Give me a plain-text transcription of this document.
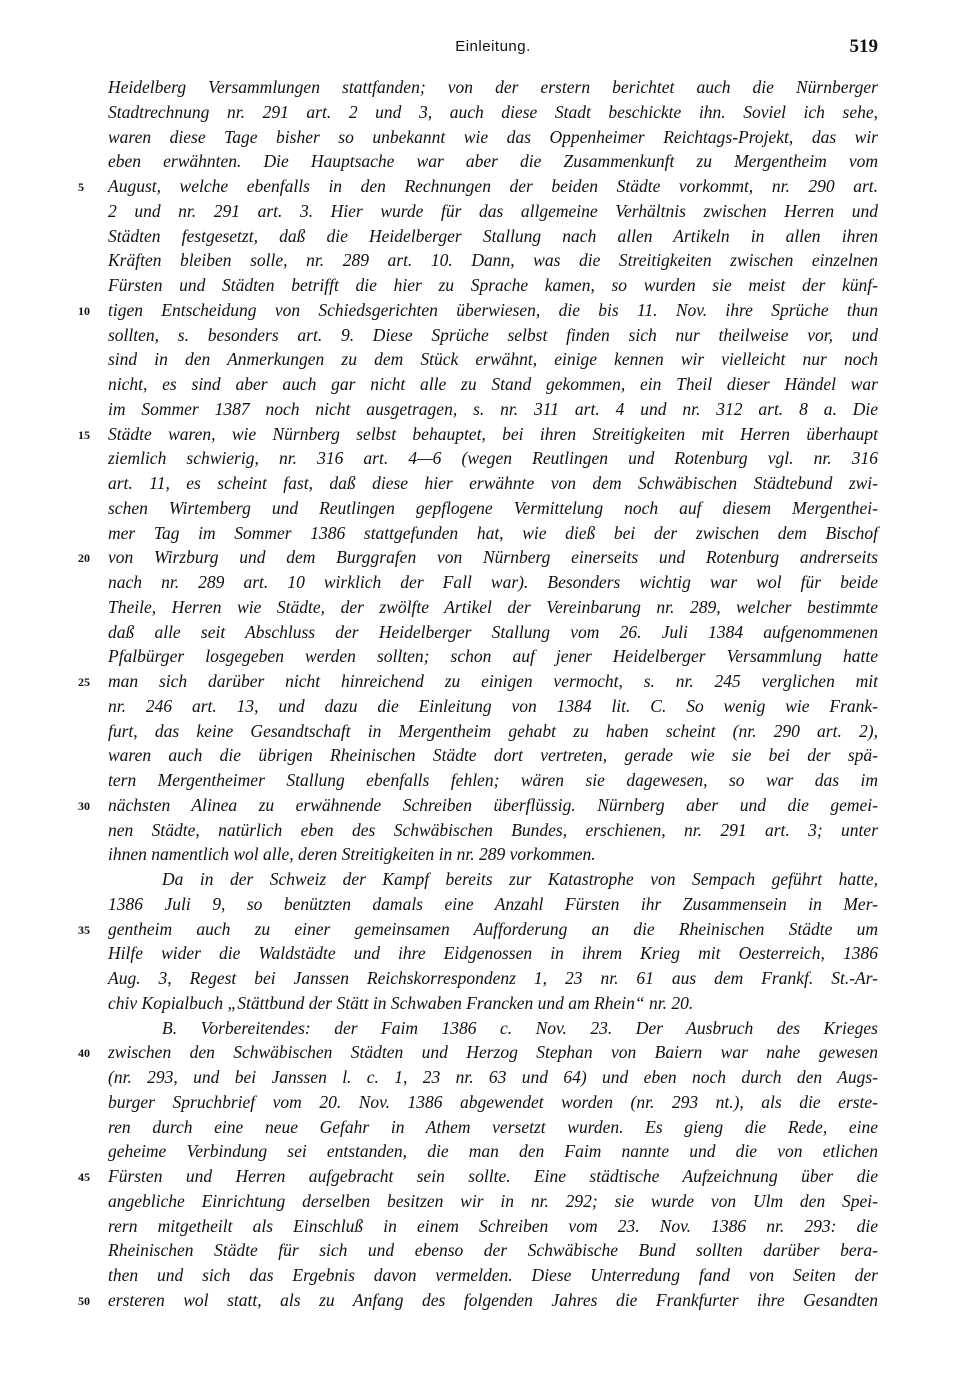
Einleitung.	519
Heidelberg Versammlungen stattfanden; von der erstern berichtet auch die Nürnberger
Stadtrechnung nr. 291 art. 2 und 3, auch diese Stadt beschickte ihn. Soviel ich sehe,
waren diese Tage bisher so unbekannt wie das Oppenheimer Reichtags-Projekt, das wir
eben erwähnten. Die Hauptsache war aber die Zusammenkunft zu Mergentheim vom
5	August, welche ebenfalls in den Rechnungen der beiden Städte vorkommt, nr. 290 art.
2 und nr. 291 art. 3. Hier wurde für das allgemeine Verhältnis zwischen Herren und
Städten festgesetzt, daß die Heidelberger Stallung nach allen Artikeln in allen ihren
Kräften bleiben solle, nr. 289 art. 10. Dann, was die Streitigkeiten zwischen einzelnen
Fürsten und Städten betrifft die hier zu Sprache kamen, so wurden sie meist der künf-
10	tigen Entscheidung von Schiedsgerichten überwiesen, die bis 11. Nov. ihre Sprüche thun
sollten, s. besonders art. 9. Diese Sprüche selbst finden sich nur theilweise vor, und
sind in den Anmerkungen zu dem Stück erwähnt, einige kennen wir vielleicht nur noch
nicht, es sind aber auch gar nicht alle zu Stand gekommen, ein Theil dieser Händel war
im Sommer 1387 noch nicht ausgetragen, s. nr. 311 art. 4 und nr. 312 art. 8 a. Die
15	Städte waren, wie Nürnberg selbst behauptet, bei ihren Streitigkeiten mit Herren überhaupt
ziemlich schwierig, nr. 316 art. 4—6 (wegen Reutlingen und Rotenburg vgl. nr. 316
art. 11, es scheint fast, daß diese hier erwähnte von dem Schwäbischen Städtebund zwi-
schen Wirtemberg und Reutlingen gepflogene Vermittelung noch auf diesem Mergenthei-
mer Tag im Sommer 1386 stattgefunden hat, wie dieß bei der zwischen dem Bischof
20	von Wirzburg und dem Burggrafen von Nürnberg einerseits und Rotenburg andrerseits
nach nr. 289 art. 10 wirklich der Fall war). Besonders wichtig war wol für beide
Theile, Herren wie Städte, der zwölfte Artikel der Vereinbarung nr. 289, welcher bestimmte
daß alle seit Abschluss der Heidelberger Stallung vom 26. Juli 1384 aufgenommenen
Pfalbürger losgegeben werden sollten; schon auf jener Heidelberger Versammlung hatte
25	man sich darüber nicht hinreichend zu einigen vermocht, s. nr. 245 verglichen mit
nr. 246 art. 13, und dazu die Einleitung von 1384 lit. C. So wenig wie Frank-
furt, das keine Gesandtschaft in Mergentheim gehabt zu haben scheint (nr. 290 art. 2),
waren auch die übrigen Rheinischen Städte dort vertreten, gerade wie sie bei der spä-
tern Mergentheimer Stallung ebenfalls fehlen; wären sie dagewesen, so war das im
30	nächsten Alinea zu erwähnende Schreiben überflüssig. Nürnberg aber und die gemei-
nen Städte, natürlich eben des Schwäbischen Bundes, erschienen, nr. 291 art. 3; unter
ihnen namentlich wol alle, deren Streitigkeiten in nr. 289 vorkommen.
Da in der Schweiz der Kampf bereits zur Katastrophe von Sempach geführt hatte,
1386 Juli 9, so benützten damals eine Anzahl Fürsten ihr Zusammensein in Mer-
35	gentheim auch zu einer gemeinsamen Aufforderung an die Rheinischen Städte um
Hilfe wider die Waldstädte und ihre Eidgenossen in ihrem Krieg mit Oesterreich, 1386
Aug. 3, Regest bei Janssen Reichskorrespondenz 1, 23 nr. 61 aus dem Frankf. St.-Ar-
chiv Kopialbuch „Stättbund der Stätt in Schwaben Francken und am Rhein“ nr. 20.
B. Vorbereitendes: der Faim 1386 c. Nov. 23. Der Ausbruch des Krieges
40	zwischen den Schwäbischen Städten und Herzog Stephan von Baiern war nahe gewesen
(nr. 293, und bei Janssen l. c. 1, 23 nr. 63 und 64) und eben noch durch den Augs-
burger Spruchbrief vom 20. Nov. 1386 abgewendet worden (nr. 293 nt.), als die erste-
ren durch eine neue Gefahr in Athem versetzt wurden. Es gieng die Rede, eine
geheime Verbindung sei entstanden, die man den Faim nannte und die von etlichen
45	Fürsten und Herren aufgebracht sein sollte. Eine städtische Aufzeichnung über die
angebliche Einrichtung derselben besitzen wir in nr. 292; sie wurde von Ulm den Spei-
rern mitgetheilt als Einschluß in einem Schreiben vom 23. Nov. 1386 nr. 293: die
Rheinischen Städte für sich und ebenso der Schwäbische Bund sollten darüber bera-
then und sich das Ergebnis davon vermelden. Diese Unterredung fand von Seiten der
50	ersteren wol statt, als zu Anfang des folgenden Jahres die Frankfurter ihre Gesandten
